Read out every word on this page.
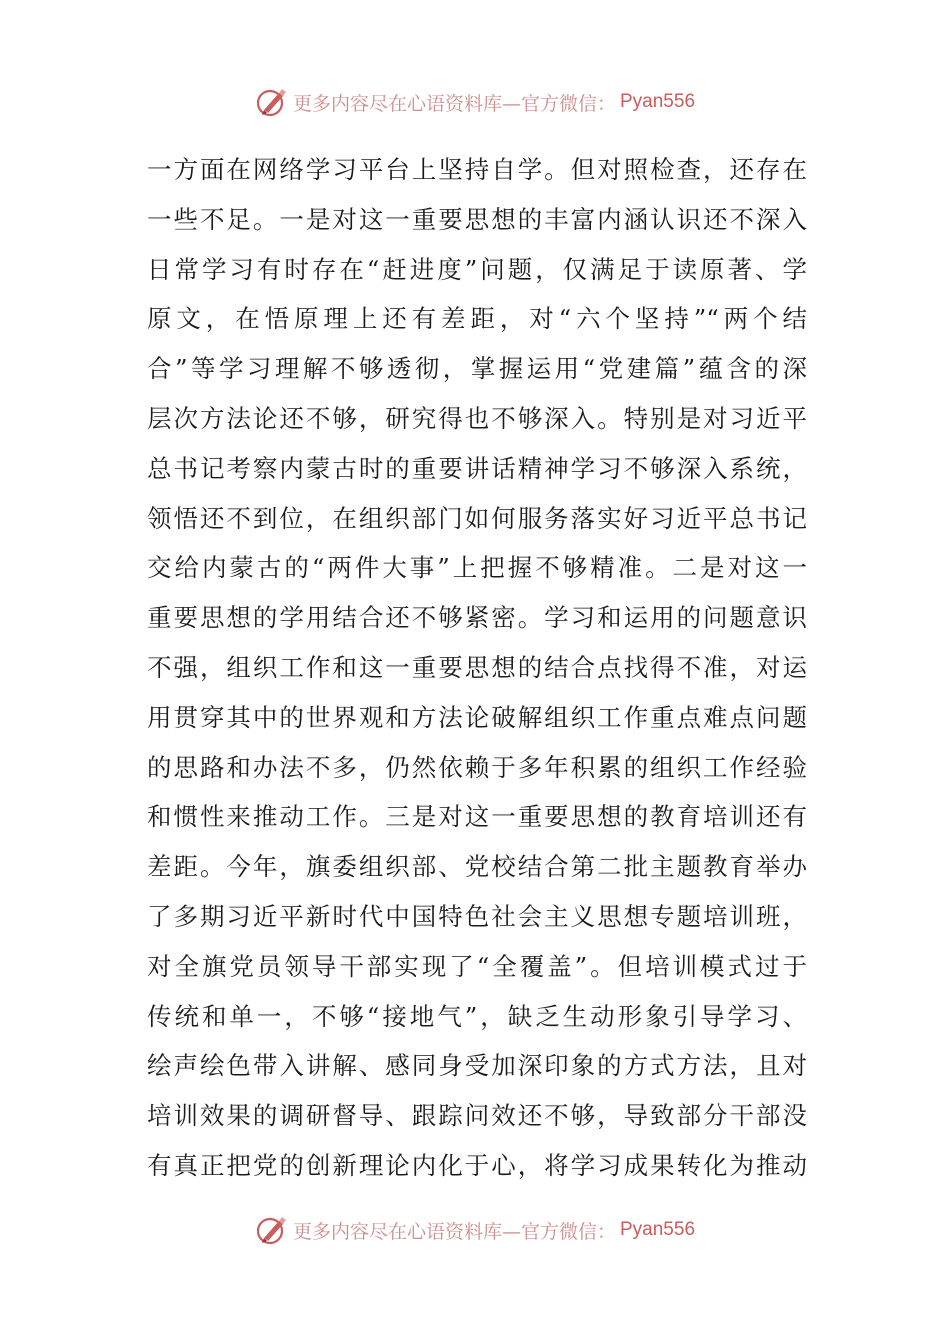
更多内容尽在心语资料库—官方微信： Pyan556
一方面在网络学习平台上坚持自学。但对照检查，还存在
一些不足。一是对这一重要思想的丰富内涵认识还不深入
日常学习有时存在“赶进度”问题，仅满足于读原著、学
原文，在悟原理上还有差距，对“六个坚持”“两个结
合”等学习理解不够透彻，掌握运用“党建篇”蕴含的深
层次方法论还不够，研究得也不够深入。特别是对习近平
总书记考察内蒙古时的重要讲话精神学习不够深入系统，
领悟还不到位，在组织部门如何服务落实好习近平总书记
交给内蒙古的“两件大事”上把握不够精准。二是对这一
重要思想的学用结合还不够紧密。学习和运用的问题意识
不强，组织工作和这一重要思想的结合点找得不准，对运
用贯穿其中的世界观和方法论破解组织工作重点难点问题
的思路和办法不多，仍然依赖于多年积累的组织工作经验
和惯性来推动工作。三是对这一重要思想的教育培训还有
差距。今年，旗委组织部、党校结合第二批主题教育举办
了多期习近平新时代中国特色社会主义思想专题培训班，
对全旗党员领导干部实现了“全覆盖”。但培训模式过于
传统和单一，不够“接地气”，缺乏生动形象引导学习、
绘声绘色带入讲解、感同身受加深印象的方式方法，且对
培训效果的调研督导、跟踪问效还不够，导致部分干部没
有真正把党的创新理论内化于心，将学习成果转化为推动
更多内容尽在心语资料库—官方微信： Pyan556
